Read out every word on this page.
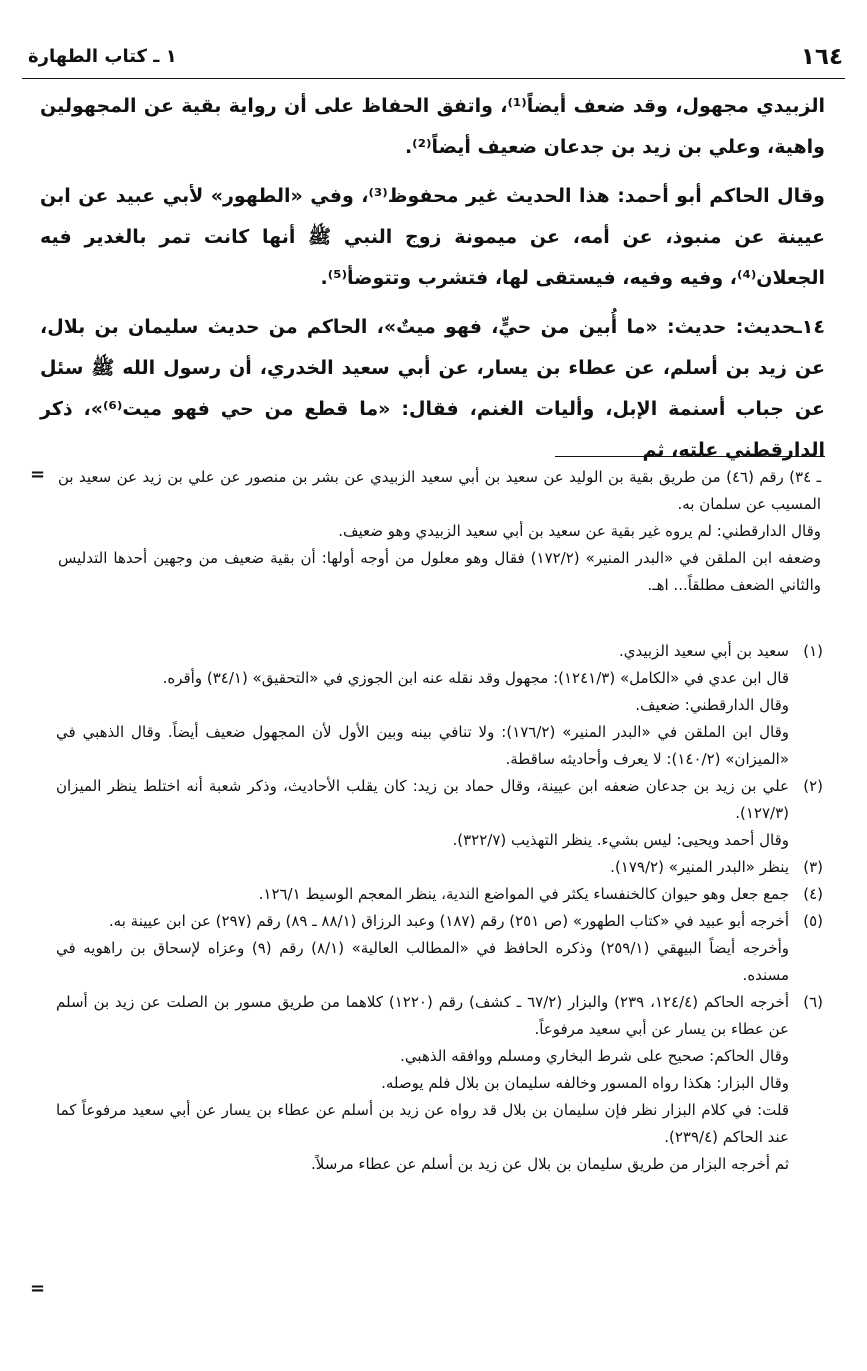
١٦٤
١ ـ كتاب الطهارة

الزبيدي مجهول، وقد ضعف أيضاً⁽¹⁾، واتفق الحفاظ على أن رواية بقية عن المجهولين واهية، وعلي بن زيد بن جدعان ضعيف أيضاً⁽²⁾.

وقال الحاكم أبو أحمد: هذا الحديث غير محفوظ⁽³⁾، وفي «الطهور» لأبي عبيد عن ابن عيينة عن منبوذ، عن أمه، عن ميمونة زوج النبي ﷺ أنها كانت تمر بالغدير فيه الجعلان⁽⁴⁾، وفيه وفيه، فيستقى لها، فتشرب وتتوضأ⁽⁵⁾.

١٤ـحديث: حديث: «ما أُبين من حيٍّ، فهو ميتٌ»، الحاكم من حديث سليمان بن بلال، عن زيد بن أسلم، عن عطاء بن يسار، عن أبي سعيد الخدري، أن رسول الله ﷺ سئل عن جباب أسنمة الإبل، وأليات الغنم، فقال: «ما قطع من حي فهو ميت⁽⁶⁾»، ذكر الدارقطني علته، ثم

= ـ ٣٤) رقم (٤٦) من طريق بقية بن الوليد عن سعيد بن أبي سعيد الزبيدي عن بشر بن منصور عن علي بن زيد عن سعيد بن المسيب عن سلمان به.

وقال الدارقطني: لم يروه غير بقية عن سعيد بن أبي سعيد الزبيدي وهو ضعيف.

وضعفه ابن الملقن في «البدر المنير» (١٧٢/٢) فقال وهو معلول من أوجه أولها: أن بقية ضعيف من وجهين أحدها التدليس والثاني الضعف مطلقاً... اهـ.

(١)

سعيد بن أبي سعيد الزبيدي.

قال ابن عدي في «الكامل» (١٢٤١/٣): مجهول وقد نقله عنه ابن الجوزي في «التحقيق» (٣٤/١) وأقره.

وقال الدارقطني: ضعيف.

وقال ابن الملقن في «البدر المنير» (١٧٦/٢): ولا تنافي بينه وبين الأول لأن المجهول ضعيف أيضاً. وقال الذهبي في «الميزان» (١٤٠/٢): لا يعرف وأحاديثه ساقطة.

(٢)

علي بن زيد بن جدعان ضعفه ابن عيينة، وقال حماد بن زيد: كان يقلب الأحاديث، وذكر شعبة أنه اختلط ينظر الميزان (١٢٧/٣).

وقال أحمد ويحيى: ليس بشيء. ينظر التهذيب (٣٢٢/٧).

(٣)

ينظر «البدر المنير» (١٧٩/٢).

(٤)

جمع جعل وهو حيوان كالخنفساء يكثر في المواضع الندية، ينظر المعجم الوسيط ١٢٦/١.

(٥)

أخرجه أبو عبيد في «كتاب الطهور» (ص ٢٥١) رقم (١٨٧) وعبد الرزاق (٨٨/١ ـ ٨٩) رقم (٢٩٧) عن ابن عيينة به.

وأخرجه أيضاً البيهقي (٢٥٩/١) وذكره الحافظ في «المطالب العالية» (٨/١) رقم (٩) وعزاه لإسحاق بن راهويه في مسنده.

(٦)

أخرجه الحاكم (١٢٤/٤، ٢٣٩) والبزار (٦٧/٢ ـ كشف) رقم (١٢٢٠) كلاهما من طريق مسور بن الصلت عن زيد بن أسلم عن عطاء بن يسار عن أبي سعيد مرفوعاً.

وقال الحاكم: صحيح على شرط البخاري ومسلم ووافقه الذهبي.

وقال البزار: هكذا رواه المسور وخالفه سليمان بن بلال فلم يوصله.

قلت: في كلام البزار نظر فإن سليمان بن بلال قد رواه عن زيد بن أسلم عن عطاء بن يسار عن أبي سعيد مرفوعاً كما عند الحاكم (٢٣٩/٤).

ثم أخرجه البزار من طريق سليمان بن بلال عن زيد بن أسلم عن عطاء مرسلاً.

=
